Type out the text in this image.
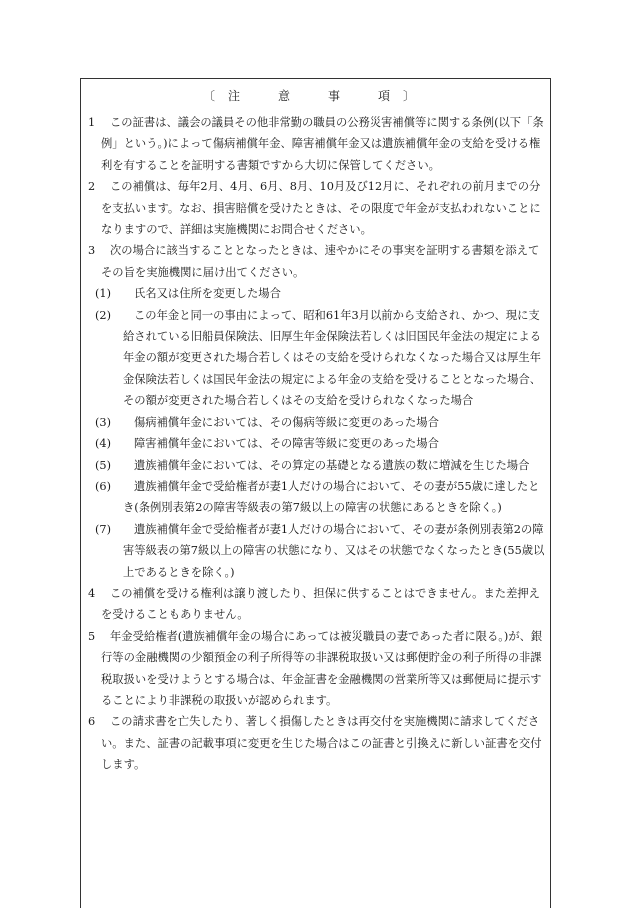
〔注　意　事　項〕
1	この証書は、議会の議員その他非常勤の職員の公務災害補償等に関する条例(以下「条例」という。)によって傷病補償年金、障害補償年金又は遺族補償年金の支給を受ける権利を有することを証明する書類ですから大切に保管してください。
2	この補償は、毎年2月、4月、6月、8月、10月及び12月に、それぞれの前月までの分を支払います。なお、損害賠償を受けたときは、その限度で年金が支払われないことになりますので、詳細は実施機関にお問合せください。
3	次の場合に該当することとなったときは、速やかにその事実を証明する書類を添えてその旨を実施機関に届け出てください。
(1)	氏名又は住所を変更した場合
(2)	この年金と同一の事由によって、昭和61年3月以前から支給され、かつ、現に支給されている旧船員保険法、旧厚生年金保険法若しくは旧国民年金法の規定による年金の額が変更された場合若しくはその支給を受けられなくなった場合又は厚生年金保険法若しくは国民年金法の規定による年金の支給を受けることとなった場合、その額が変更された場合若しくはその支給を受けられなくなった場合
(3)	傷病補償年金においては、その傷病等級に変更のあった場合
(4)	障害補償年金においては、その障害等級に変更のあった場合
(5)	遺族補償年金においては、その算定の基礎となる遺族の数に増減を生じた場合
(6)	遺族補償年金で受給権者が妻1人だけの場合において、その妻が55歳に達したとき(条例別表第2の障害等級表の第7級以上の障害の状態にあるときを除く。)
(7)	遺族補償年金で受給権者が妻1人だけの場合において、その妻が条例別表第2の障害等級表の第7級以上の障害の状態になり、又はその状態でなくなったとき(55歳以上であるときを除く。)
4	この補償を受ける権利は譲り渡したり、担保に供することはできません。また差押えを受けることもありません。
5	年金受給権者(遺族補償年金の場合にあっては被災職員の妻であった者に限る。)が、銀行等の金融機関の少額預金の利子所得等の非課税取扱い又は郵便貯金の利子所得の非課税取扱いを受けようとする場合は、年金証書を金融機関の営業所等又は郵便局に提示することにより非課税の取扱いが認められます。
6	この請求書を亡失したり、著しく損傷したときは再交付を実施機関に請求してください。また、証書の記載事項に変更を生じた場合はこの証書と引換えに新しい証書を交付します。
